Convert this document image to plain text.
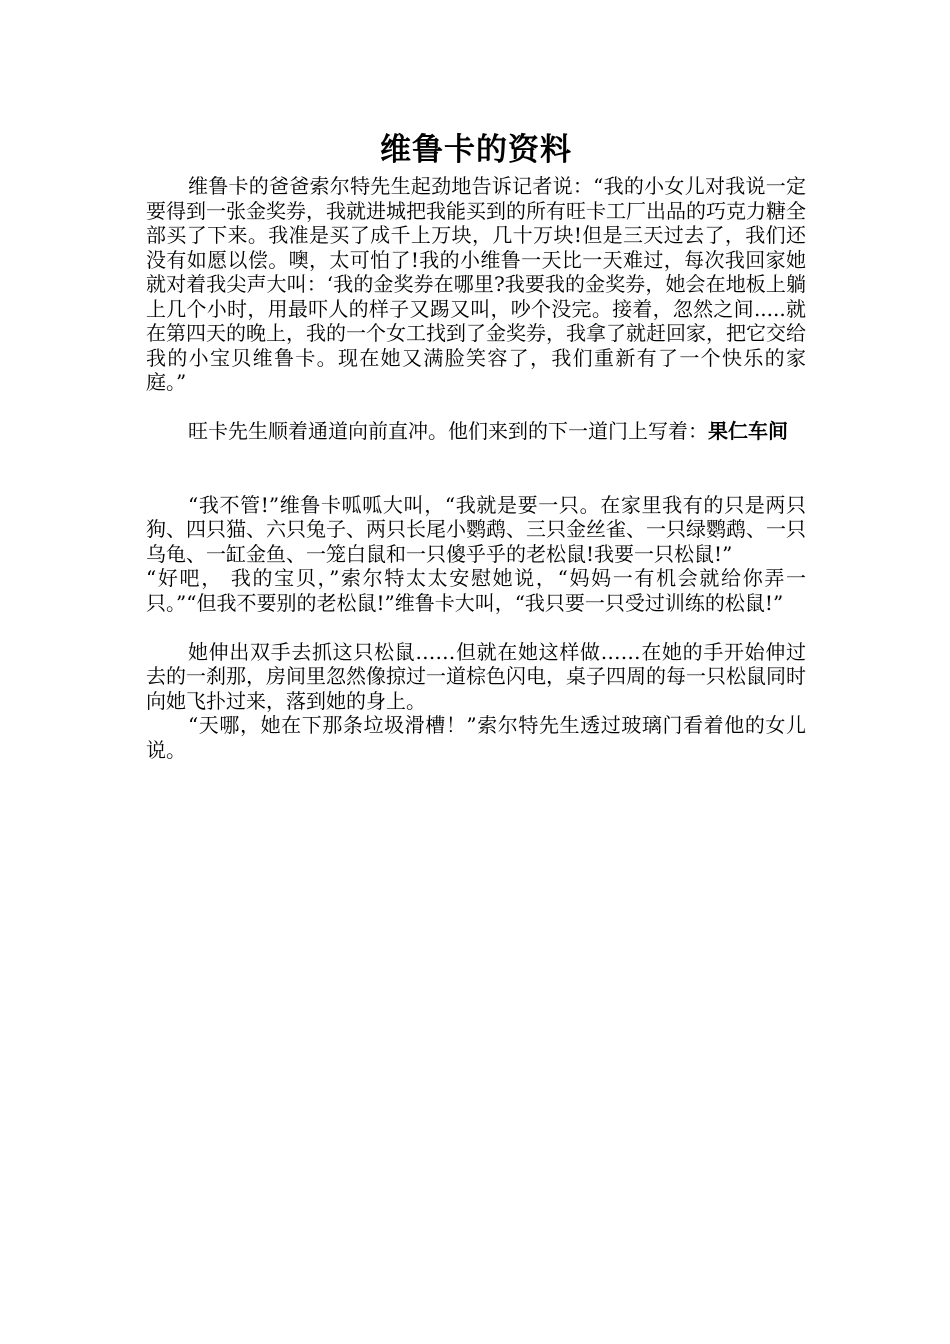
维鲁卡的资料

维鲁卡的爸爸索尔特先生起劲地告诉记者说：“我的小女儿对我说一定要得到一张金奖券，我就进城把我能买到的所有旺卡工厂出品的巧克力糖全部买了下来。我准是买了成千上万块，几十万块!但是三天过去了，我们还没有如愿以偿。噢，太可怕了!我的小维鲁一天比一天难过，每次我回家她就对着我尖声大叫：‘我的金奖券在哪里?我要我的金奖券，她会在地板上躺上几个小时，用最吓人的样子又踢又叫，吵个没完。接着，忽然之间.....就在第四天的晚上，我的一个女工找到了金奖券，我拿了就赶回家，把它交给我的小宝贝维鲁卡。现在她又满脸笑容了，我们重新有了一个快乐的家庭。”

旺卡先生顺着通道向前直冲。他们来到的下一道门上写着：果仁车间

“我不管!”维鲁卡呱呱大叫，“我就是要一只。在家里我有的只是两只狗、四只猫、六只兔子、两只长尾小鹦鹉、三只金丝雀、一只绿鹦鹉、一只乌龟、一缸金鱼、一笼白鼠和一只傻乎乎的老松鼠!我要一只松鼠!”

“好吧， 我的宝贝，”索尔特太太安慰她说，“妈妈一有机会就给你弄一只。”“但我不要别的老松鼠!”维鲁卡大叫，“我只要一只受过训练的松鼠!”

她伸出双手去抓这只松鼠……但就在她这样做……在她的手开始伸过去的一刹那，房间里忽然像掠过一道棕色闪电，桌子四周的每一只松鼠同时向她飞扑过来，落到她的身上。

“天哪，她在下那条垃圾滑槽！”索尔特先生透过玻璃门看着他的女儿说。
